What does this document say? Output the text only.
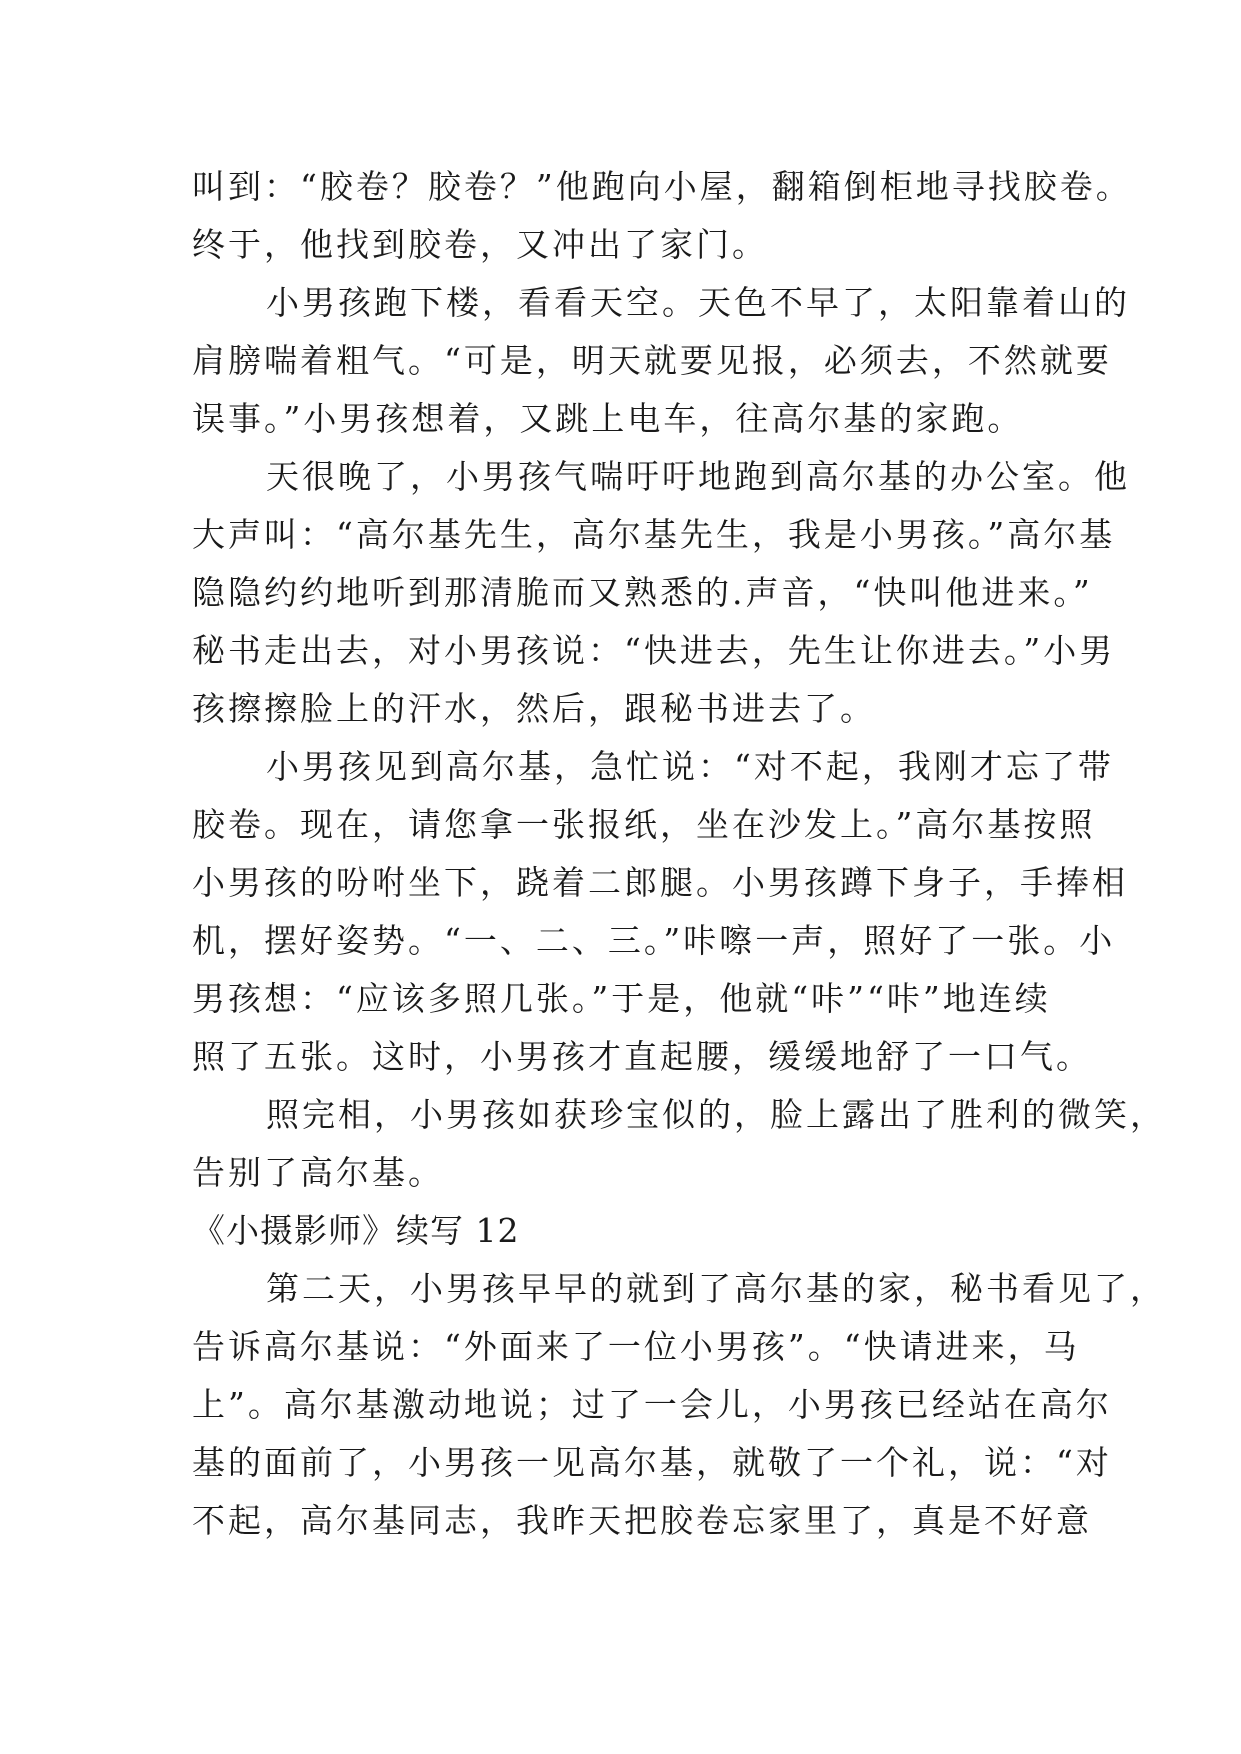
叫到：“胶卷？胶卷？”他跑向小屋，翻箱倒柜地寻找胶卷。
终于，他找到胶卷，又冲出了家门。
小男孩跑下楼，看看天空。天色不早了，太阳靠着山的
肩膀喘着粗气。“可是，明天就要见报，必须去，不然就要
误事。”小男孩想着，又跳上电车，往高尔基的家跑。
天很晚了，小男孩气喘吁吁地跑到高尔基的办公室。他
大声叫：“高尔基先生，高尔基先生，我是小男孩。”高尔基
隐隐约约地听到那清脆而又熟悉的.声音，“快叫他进来。”
秘书走出去，对小男孩说：“快进去，先生让你进去。”小男
孩擦擦脸上的汗水，然后，跟秘书进去了。
小男孩见到高尔基，急忙说：“对不起，我刚才忘了带
胶卷。现在，请您拿一张报纸，坐在沙发上。”高尔基按照
小男孩的吩咐坐下，跷着二郎腿。小男孩蹲下身子，手捧相
机，摆好姿势。“一、二、三。”咔嚓一声，照好了一张。小
男孩想：“应该多照几张。”于是，他就“咔”“咔”地连续
照了五张。这时，小男孩才直起腰，缓缓地舒了一口气。
照完相，小男孩如获珍宝似的，脸上露出了胜利的微笑，
告别了高尔基。
《小摄影师》续写 12
第二天，小男孩早早的就到了高尔基的家，秘书看见了，
告诉高尔基说：“外面来了一位小男孩”。“快请进来，马
上”。高尔基激动地说；过了一会儿，小男孩已经站在高尔
基的面前了，小男孩一见高尔基，就敬了一个礼，说：“对
不起，高尔基同志，我昨天把胶卷忘家里了，真是不好意
